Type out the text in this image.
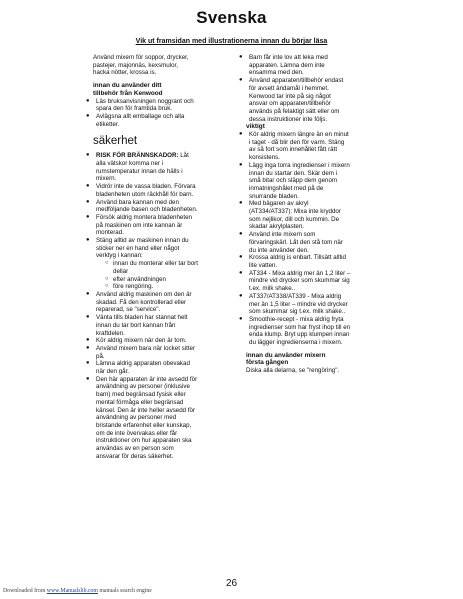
Svenska
Vik ut framsidan med illustrationerna innan du börjar läsa
Använd mixern för soppor, drycker,
pastejer, majonnäs, kexsmulor,
hacka nötter, krossa is.
innan du använder ditt
tillbehör från Kenwood
● Läs bruksanvisningen noggrant och
spara den för framtida bruk.
● Avlägsna allt emballage och alla
etiketter.
säkerhet
● RISK FÖR BRÄNNSKADOR: Låt
alla vätskor komma ner i
rumstemperatur innan de hälls i
mixern.
● Vidrör inte de vassa bladen. Förvara
bladenheten utom räckhåll för barn.
● Använd bara kannan med den
medföljande basen och bladenheten.
● Försök aldrig montera bladenheten
på maskinen om inte kannan är
monterad.
● Stäng alltid av maskinen innan du
sticker ner en hand eller något
verktyg i kannan:
○ innan du monterar eller tar bort
dellar
○ efter användningen
○ före rengöring.
● Använd aldrig maskinen om den är
skadad. Få den kontrollerad eller
reparerad, se "service".
● Vänta tills bladen har stannat helt
innan du tar bort kannan från
kraftdelen.
● Kör aldrig mixern när den är tom.
● Använd mixern bara när locket sitter
på.
● Lämna aldrig apparaten obevakad
när den går.
● Den här apparaten är inte avsedd för
användning av personer (inklusive
barn) med begränsad fysisk eller
mental förmåga eller begränsad
känsel. Den är inte heller avsedd för
användning av personer med
bristande erfarenhet eller kunskap,
om de inte övervakas eller får
instruktioner om hur apparaten ska
användas av en person som
ansvarar för deras säkerhet.
● Barn får inte lov att leka med
apparaten. Lämna dem inte
ensamma med den.
● Använd apparaten/tillbehör endast
för avsett ändamål i hemmet.
Kenwood tar inte på sig något
ansvar om apparaten/tillbehör
används på felaktigt sätt eller om
dessa instruktioner inte följs.
viktigt
● Kör aldrig mixern längre än en minut
i taget - då blir den för varm. Stäng
av så fort som innehållet fått rätt
konsistens.
● Lägg inga torra ingredienser i mixern
innan du startar den. Skär dem i
små bitar och släpp dem genom
inmatningshålet med på de
snurrande bladen.
● Med bägaren av akryl
(AT334/AT337): Mixa inte kryddor
som nejlikor, dill och kummin. De
skadar akrylplasten.
● Använd inte mixern som
förvaringskärl. Låt den stå tom när
du inte använder den.
● Krossa aldrig is enbart. Tillsätt alltid
lite vatten.
● AT334 - Mixa aldrig mer än 1,2 liter –
mindre vid drycker som skummar sig
t.ex. milk shake..
● AT337/AT338/AT339 - Mixa aldrig
mer än 1,5 liter – mindre vid drycker
som skummar sig t.ex. milk shake..
● Smoothie-recept - mixa aldrig fryta
ingredienser som har fryst ihop till en
enda klump. Bryt upp klumpen innan
du lägger ingredienserna i mixern.
innan du använder mixern
första gången
Diska alla delarna, se "rengöring".
26
Downloaded from www.Manualslib.com manuals search engine
